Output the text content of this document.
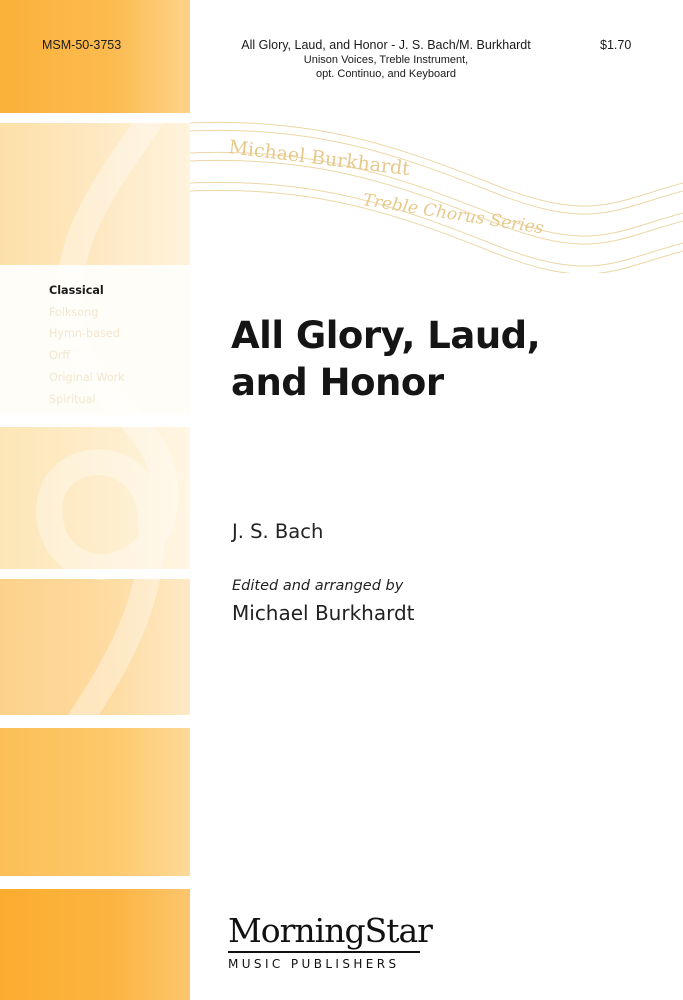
MSM-50-3753	All Glory, Laud, and Honor - J. S. Bach/M. Burkhardt
Unison Voices, Treble Instrument,
opt. Continuo, and Keyboard
$1.70
Michael Burkhardt
Treble Chorus Series
Classical
Folksong
Hymn-based
Orff
Original Work
Spiritual
All Glory, Laud,
and Honor
J. S. Bach
Edited and arranged by
Michael Burkhardt
MorningStar
MUSIC PUBLISHERS
